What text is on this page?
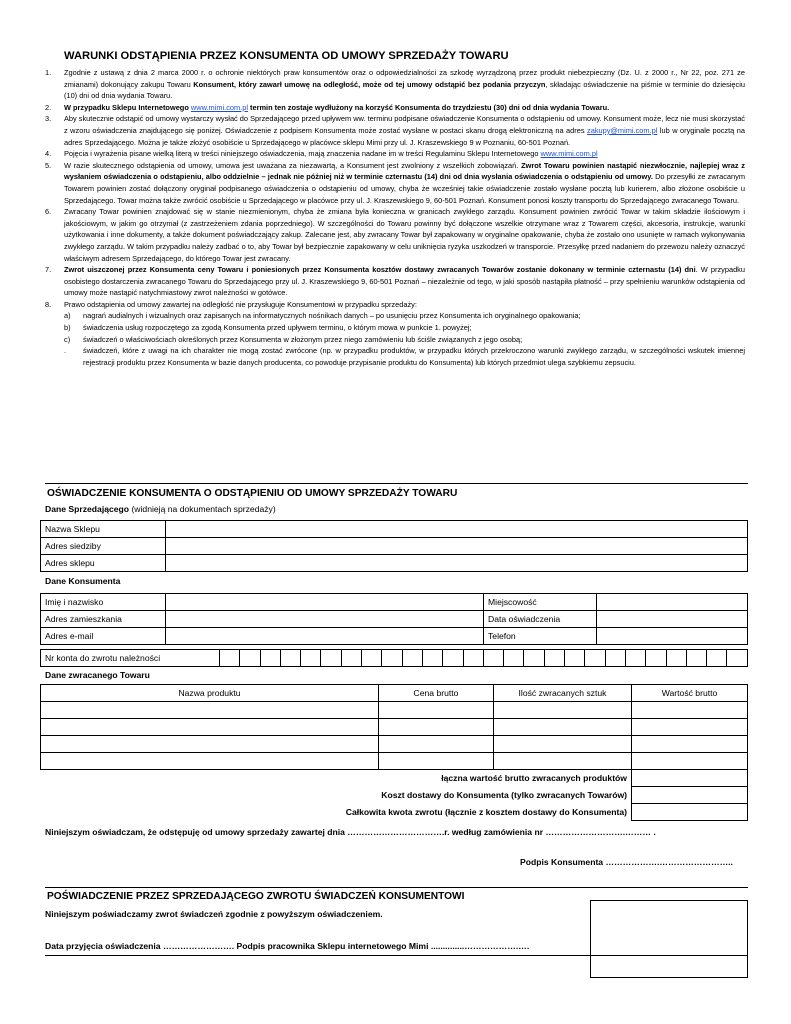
WARUNKI ODSTĄPIENIA PRZEZ KONSUMENTA OD UMOWY SPRZEDAŻY TOWARU
1. Zgodnie z ustawą z dnia 2 marca 2000 r. o ochronie niektórych praw konsumentów oraz o odpowiedzialności za szkodę wyrządzoną przez produkt niebezpieczny (Dz. U. z 2000 r., Nr 22, poz. 271 ze zmianami) dokonujący zakupu Towaru Konsument, który zawarł umowę na odległość, może od tej umowy odstąpić bez podania przyczyn, składając oświadczenie na piśmie w terminie do dziesięciu (10) dni od dnia wydania Towaru.
2. W przypadku Sklepu Internetowego www.mimi.com.pl termin ten zostaje wydłużony na korzyść Konsumenta do trzydziestu (30) dni od dnia wydania Towaru.
3. Aby skutecznie odstąpić od umowy wystarczy wysłać do Sprzedającego przed upływem ww. terminu podpisane oświadczenie Konsumenta o odstąpieniu od umowy. Konsument może, lecz nie musi skorzystać z wzoru oświadczenia znajdującego się poniżej. Oświadczenie z podpisem Konsumenta może zostać wysłane w postaci skanu drogą elektroniczną na adres zakupy@mimi.com.pl lub w oryginale pocztą na adres Sprzedającego. Można je także złożyć osobiście u Sprzedającego w placówce sklepu Mimi przy ul. J. Kraszewskiego 9 w Poznaniu, 60-501 Poznań.
4. Pojęcia i wyrażenia pisane wielką literą w treści niniejszego oświadczenia, mają znaczenia nadane im w treści Regulaminu Sklepu Internetowego www.mimi.com.pl
5. W razie skutecznego odstąpienia od umowy, umowa jest uważana za niezawartą, a Konsument jest zwolniony z wszelkich zobowiązań. Zwrot Towaru powinien nastąpić niezwłocznie, najlepiej wraz z wysłaniem oświadczenia o odstąpieniu, albo oddzielnie – jednak nie później niż w terminie czternastu (14) dni od dnia wysłania oświadczenia o odstąpieniu od umowy. Do przesyłki ze zwracanym Towarem powinien zostać dołączony oryginał podpisanego oświadczenia o odstąpieniu od umowy, chyba że wcześniej takie oświadczenie zostało wysłane pocztą lub kurierem, albo złożone osobiście u Sprzedającego. Towar można także zwrócić osobiście u Sprzedającego w placówce przy ul. J. Kraszewskiego 9, 60-501 Poznań. Konsument ponosi koszty transportu do Sprzedającego zwracanego Towaru.
6. Zwracany Towar powinien znajdować się w stanie niezmienionym, chyba że zmiana była konieczna w granicach zwykłego zarządu. Konsument powinien zwrócić Towar w takim składzie ilościowym i jakościowym, w jakim go otrzymał (z zastrzeżeniem zdania poprzedniego). W szczególności do Towaru powinny być dołączone wszelkie otrzymane wraz z Towarem części, akcesoria, instrukcje, warunki użytkowania i inne dokumenty, a także dokument poświadczający zakup. Zalecane jest, aby zwracany Towar był zapakowany w oryginalne opakowanie, chyba że zostało ono usunięte w ramach wykonywania zwykłego zarządu. W takim przypadku należy zadbać o to, aby Towar był bezpiecznie zapakowany w celu uniknięcia ryzyka uszkodzeń w transporcie. Przesyłkę przed nadaniem do przewozu należy oznaczyć właściwym adresem Sprzedającego, do którego Towar jest zwracany.
7. Zwrot uiszczonej przez Konsumenta ceny Towaru i poniesionych przez Konsumenta kosztów dostawy zwracanych Towarów zostanie dokonany w terminie czternastu (14) dni. W przypadku osobistego dostarczenia zwracanego Towaru do Sprzedającego przy ul. J. Kraszewskiego 9, 60-501 Poznań – niezależnie od tego, w jaki sposób nastąpiła płatność – przy spełnieniu warunków odstąpienia od umowy może nastąpić natychmiastowy zwrot należności w gotówce.
8. Prawo odstąpienia od umowy zawartej na odległość nie przysługuje Konsumentowi w przypadku sprzedaży:
a) nagrań audialnych i wizualnych oraz zapisanych na informatycznych nośnikach danych – po usunięciu przez Konsumenta ich oryginalnego opakowania;
b) świadczenia usług rozpoczętego za zgodą Konsumenta przed upływem terminu, o którym mowa w punkcie 1. powyżej;
c) świadczeń o właściwościach określonych przez Konsumenta w złożonym przez niego zamówieniu lub ściśle związanych z jego osobą;
. świadczeń, które z uwagi na ich charakter nie mogą zostać zwrócone (np. w przypadku produktów, w przypadku których przekroczono warunki zwykłego zarządu, w szczególności wskutek imiennej rejestracji produktu przez Konsumenta w bazie danych producenta, co powoduje przypisanie produktu do Konsumenta) lub których przedmiot ulega szybkiemu zepsuciu.
OŚWIADCZENIE KONSUMENTA O ODSTĄPIENIU OD UMOWY SPRZEDAŻY TOWARU
Dane Sprzedającego (widnieją na dokumentach sprzedaży)
Nazwa Sklepu	
Adres siedziby	
Adres sklepu	
Dane Konsumenta
Imię i nazwisko		Miejscowość	
Adres zamieszkania		Data oświadczenia	
Adres e-mail		Telefon	
Nr konta do zwrotu należności																										
Dane zwracanego Towaru
Nazwa produktu	Cena brutto	Ilość zwracanych sztuk	Wartość brutto

łączna wartość brutto zwracanych produktów			
Koszt dostawy do Konsumenta (tylko zwracanych Towarów)			
Całkowita kwota zwrotu (łącznie z kosztem dostawy do Konsumenta)			
Niniejszym oświadczam, że odstępuję od umowy sprzedaży zawartej dnia …………………………….r. według zamówienia nr ……………………….……… .
Podpis Konsumenta ……………….……………………..
POŚWIADCZENIE PRZEZ SPRZEDAJĄCEGO ZWROTU ŚWIADCZEŃ KONSUMENTOWI
Niniejszym poświadczamy zwrot świadczeń zgodnie z powyższym oświadczeniem.
Data przyjęcia oświadczenia ……………………. Podpis pracownika Sklepu internetowego Mimi ..............……………….….
